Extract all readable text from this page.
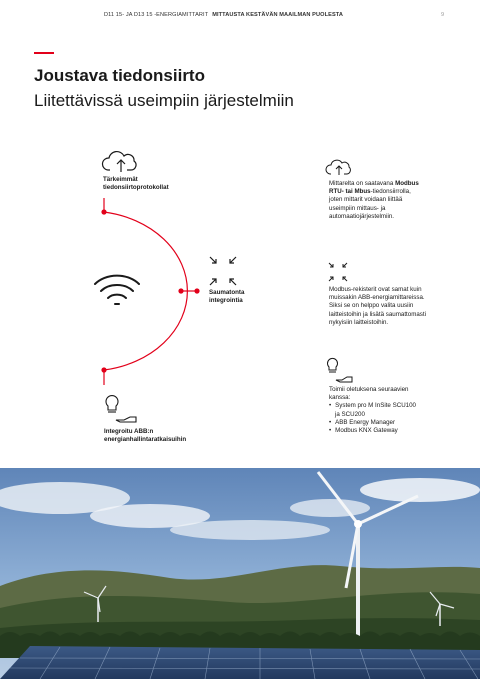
D11 15- JA D13 15 -ENERGIAMITTARIT MITTAUSTA KESTÄVÄN MAAILMAN PUOLESTA	9
Joustava tiedonsiirto
Liitettävissä useimpiin järjestelmiin
Tärkeimmät
tiedonsiirtoprotokollat
Saumatonta
integrointia
Integroitu ABB:n
energianhallintaratkaisuihin
Mittarelta on saatavana Modbus
RTU- tai Mbus-tiedonsiirrolla,
joten mittarit voidaan liittää
useimpiin mittaus- ja
automaatiojärjestelmiin.
Modbus-rekisterit ovat samat kuin
muissakin ABB-energiamittareissa.
Siksi se on helppo valita uusiin
laitteistoihin ja lisätä saumattomasti
nykyisiin laitteistoihin.
Toimii oletuksena seuraavien
kanssa:
• System pro M InSite SCU100
ja SCU200
• ABB Energy Manager
• Modbus KNX Gateway
